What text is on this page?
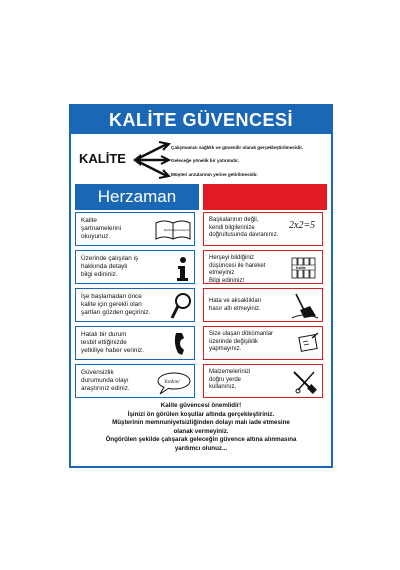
KALİTE GÜVENCESİ
KALİTE
Çalışmamızı sağlıklı ve güvenilir olarak gerçekleştirilmesidir.
Geleceğe yönelik bir yatırımdır.
Müşteri arzularının yerine getirilmesidir.
Herzaman
Kalite
şartnamelerini
okuyunuz.
Kalite Şartnamesi
Üzerinde çalışılan iş
hakkında detaylı
bilgi edininiz.
İşe başlamadan önce
kalite için gerekli olan
şartları gözden geçiriniz.
Hatalı bir durum
tesbit ettiğinizde
yetkiliye haber veriniz.
Güvensizlik
durumunda olayı
araştırınız ediniz.
Yardım!
Başkalarının değil,
kendi bilgilerinize
doğrultusunda davranınız.
2x2=5
Herşeyi bildiğiniz
düşüncesi ile hareket
etmeyiniz
Bilgi edininiz!
Kalite
Hata ve aksaklıkları
hasır altı etmeyiniz.
Size ulaşan dökümanlar
üzerinde değişiklik
yapmayınız.
Malzemelerinizi
doğru yerde
kullanınız.
Kalite güvencesi önemlidir!
İşinizi ön görülen koşullar altında gerçekleştiriniz.
Müşterinin memnuniyetsizliğinden dolayı malı iade etmesine
olanak vermeyiniz.
Öngörülen şekilde çalışarak geleceğin güvence altına alınmasına
yardımcı olunuz...
